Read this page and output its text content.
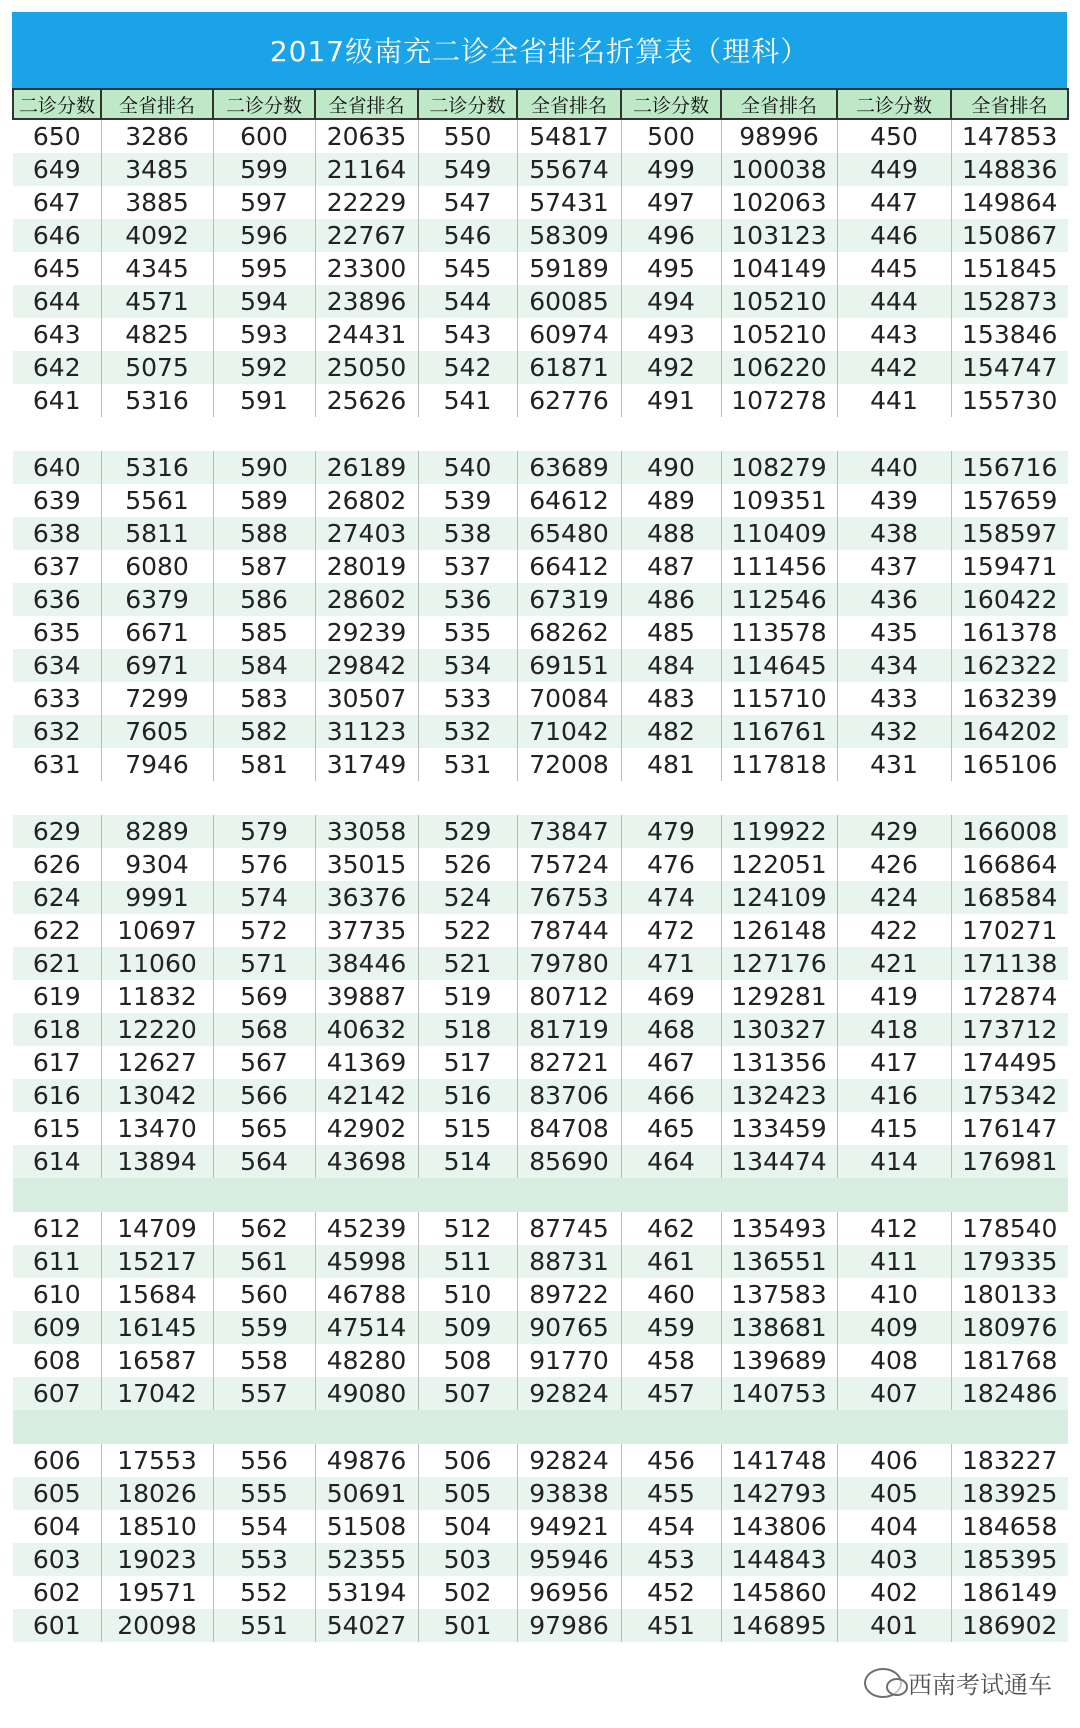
2017级南充二诊全省排名折算表（理科）
二诊分数	全省排名	二诊分数	全省排名	二诊分数	全省排名	二诊分数	全省排名	二诊分数	全省排名
650	3286	600	20635	550	54817	500	98996	450	147853
649	3485	599	21164	549	55674	499	100038	449	148836
647	3885	597	22229	547	57431	497	102063	447	149864
646	4092	596	22767	546	58309	496	103123	446	150867
645	4345	595	23300	545	59189	495	104149	445	151845
644	4571	594	23896	544	60085	494	105210	444	152873
643	4825	593	24431	543	60974	493	105210	443	153846
642	5075	592	25050	542	61871	492	106220	442	154747
641	5316	591	25626	541	62776	491	107278	441	155730

640	5316	590	26189	540	63689	490	108279	440	156716
639	5561	589	26802	539	64612	489	109351	439	157659
638	5811	588	27403	538	65480	488	110409	438	158597
637	6080	587	28019	537	66412	487	111456	437	159471
636	6379	586	28602	536	67319	486	112546	436	160422
635	6671	585	29239	535	68262	485	113578	435	161378
634	6971	584	29842	534	69151	484	114645	434	162322
633	7299	583	30507	533	70084	483	115710	433	163239
632	7605	582	31123	532	71042	482	116761	432	164202
631	7946	581	31749	531	72008	481	117818	431	165106

629	8289	579	33058	529	73847	479	119922	429	166008
626	9304	576	35015	526	75724	476	122051	426	166864
624	9991	574	36376	524	76753	474	124109	424	168584
622	10697	572	37735	522	78744	472	126148	422	170271
621	11060	571	38446	521	79780	471	127176	421	171138
619	11832	569	39887	519	80712	469	129281	419	172874
618	12220	568	40632	518	81719	468	130327	418	173712
617	12627	567	41369	517	82721	467	131356	417	174495
616	13042	566	42142	516	83706	466	132423	416	175342
615	13470	565	42902	515	84708	465	133459	415	176147
614	13894	564	43698	514	85690	464	134474	414	176981

612	14709	562	45239	512	87745	462	135493	412	178540
611	15217	561	45998	511	88731	461	136551	411	179335
610	15684	560	46788	510	89722	460	137583	410	180133
609	16145	559	47514	509	90765	459	138681	409	180976
608	16587	558	48280	508	91770	458	139689	408	181768
607	17042	557	49080	507	92824	457	140753	407	182486

606	17553	556	49876	506	92824	456	141748	406	183227
605	18026	555	50691	505	93838	455	142793	405	183925
604	18510	554	51508	504	94921	454	143806	404	184658
603	19023	553	52355	503	95946	453	144843	403	185395
602	19571	552	53194	502	96956	452	145860	402	186149
601	20098	551	54027	501	97986	451	146895	401	186902
西南考试通车
